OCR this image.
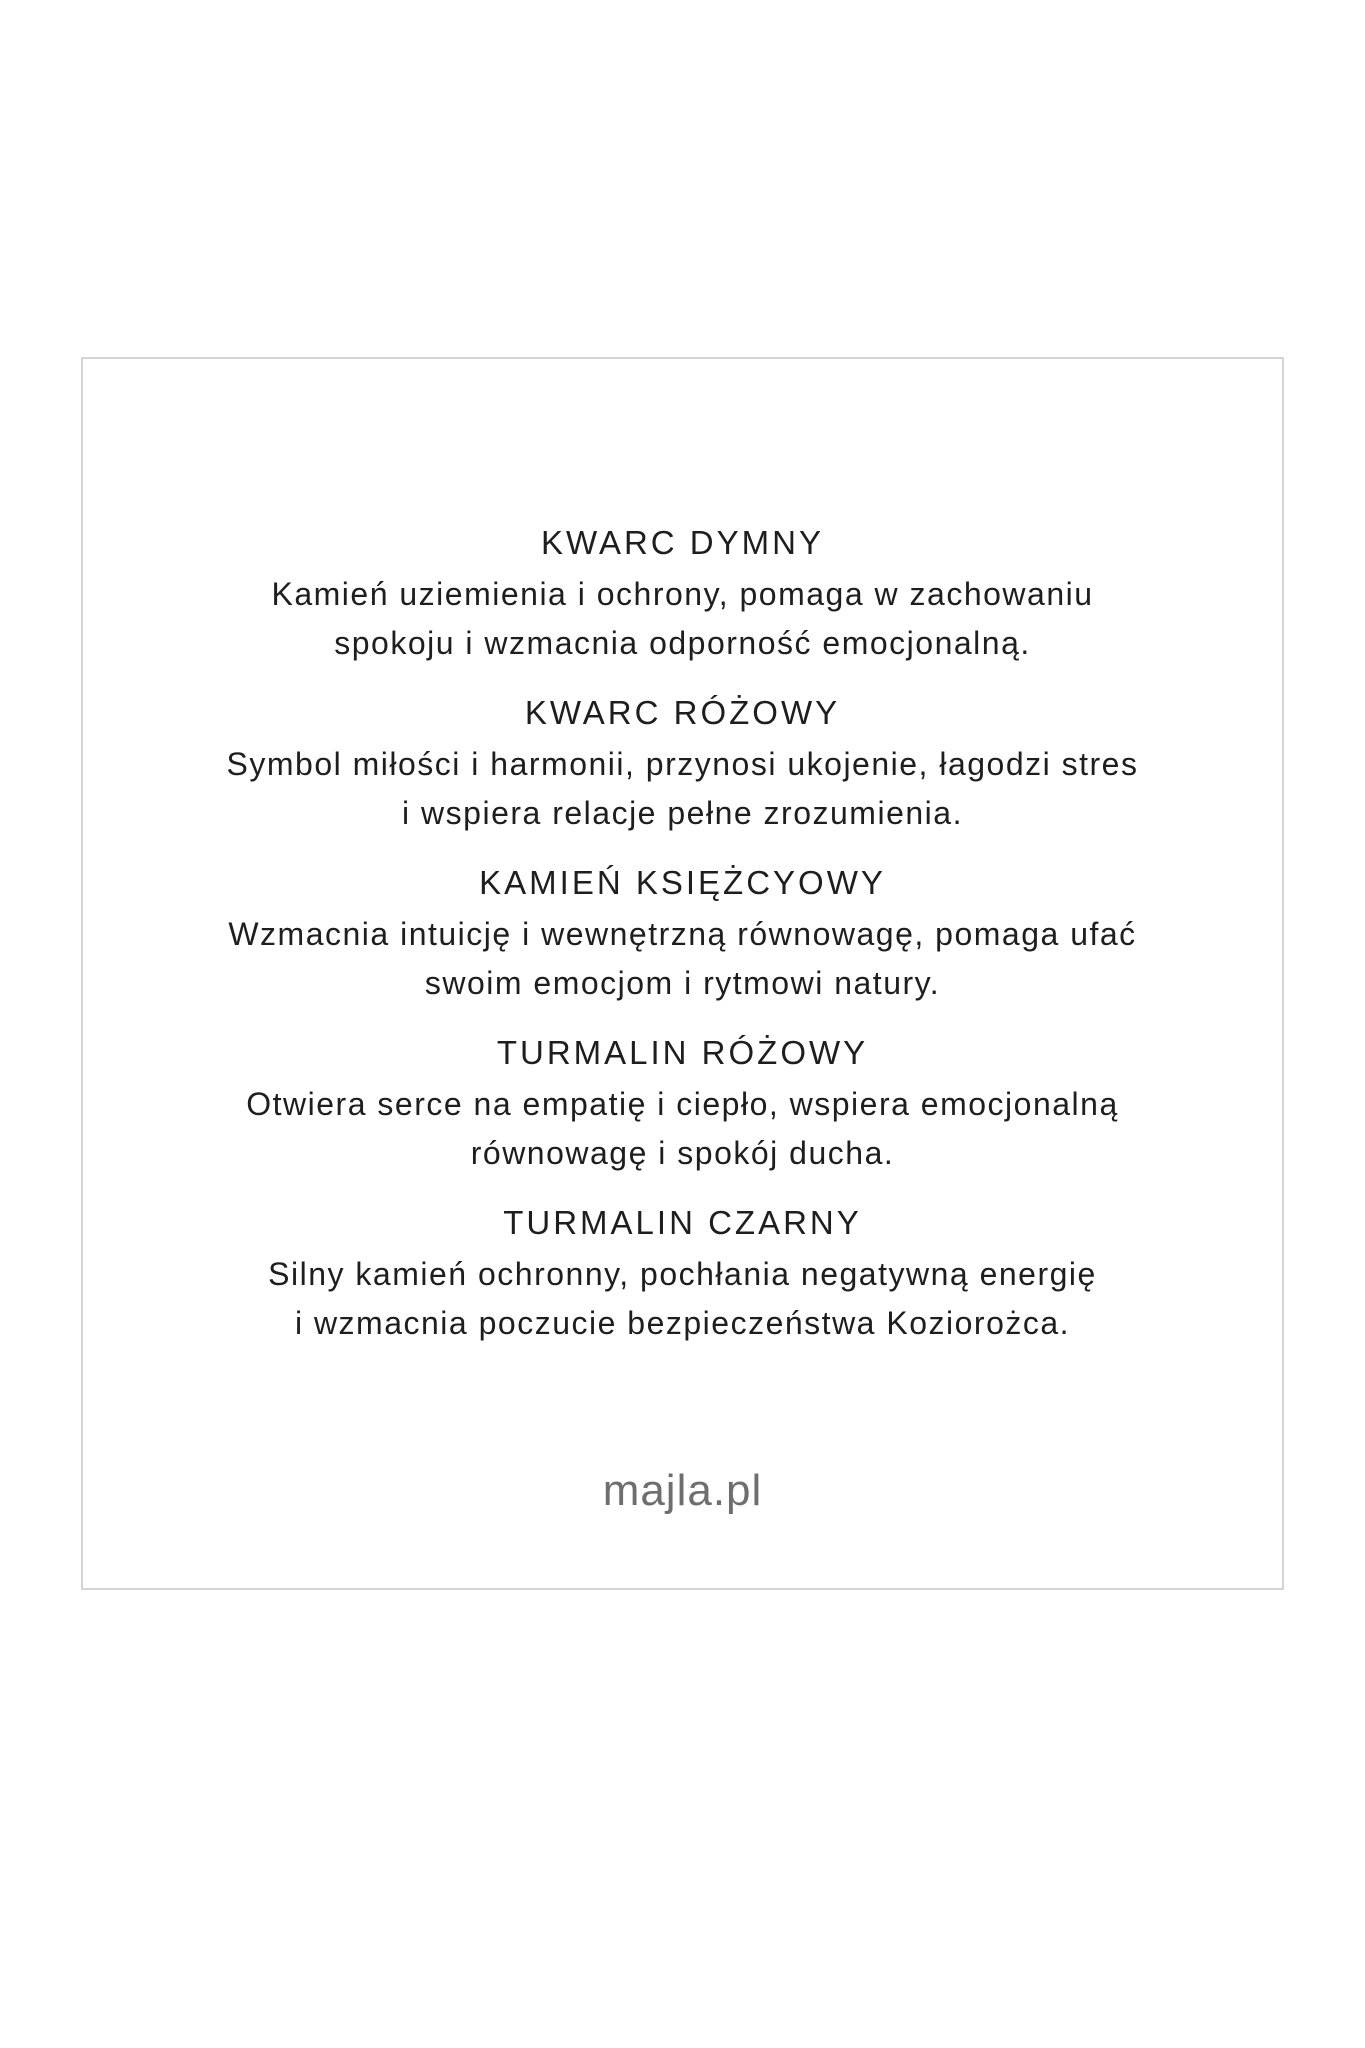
KWARC DYMNY
Kamień uziemienia i ochrony, pomaga w zachowaniu
spokoju i wzmacnia odporność emocjonalną.
KWARC RÓŻOWY
Symbol miłości i harmonii, przynosi ukojenie, łagodzi stres
i wspiera relacje pełne zrozumienia.
KAMIEŃ KSIĘŻCYOWY
Wzmacnia intuicję i wewnętrzną równowagę, pomaga ufać
swoim emocjom i rytmowi natury.
TURMALIN RÓŻOWY
Otwiera serce na empatię i ciepło, wspiera emocjonalną
równowagę i spokój ducha.
TURMALIN CZARNY
Silny kamień ochronny, pochłania negatywną energię
i wzmacnia poczucie bezpieczeństwa Koziorożca.
majla.pl
